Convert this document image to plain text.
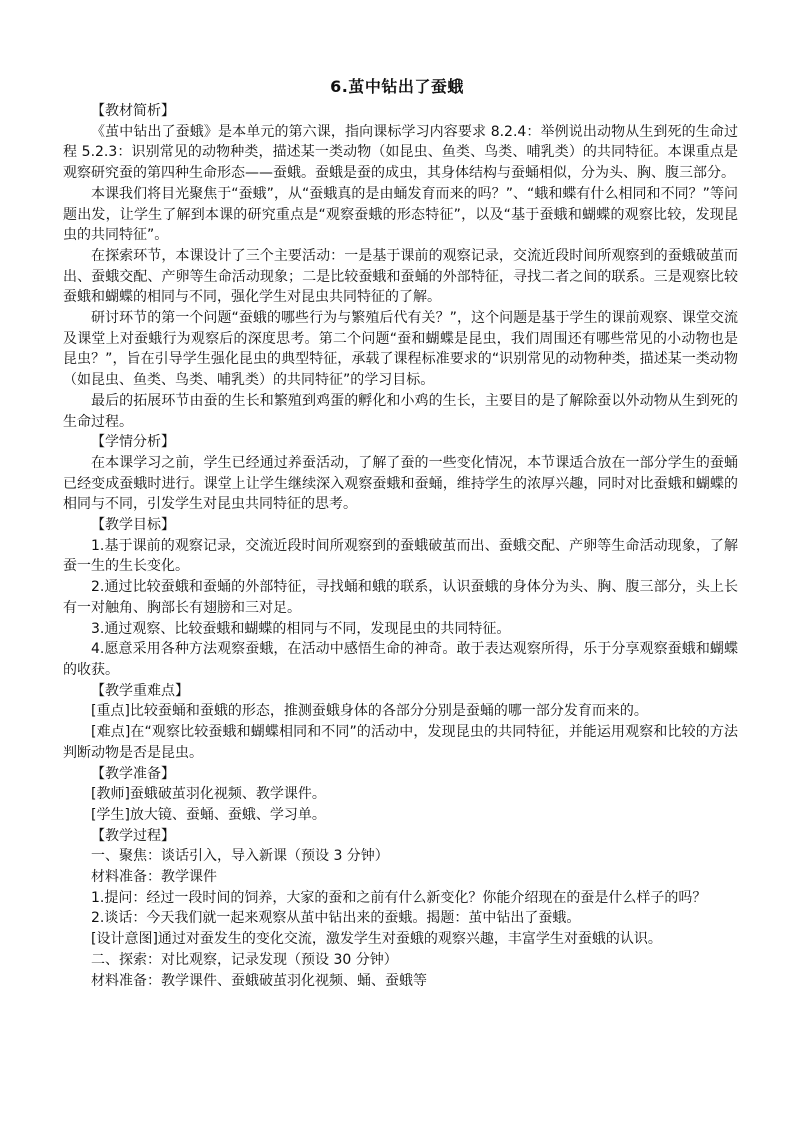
6.茧中钻出了蚕蛾

【教材简析】

《茧中钻出了蚕蛾》是本单元的第六课，指向课标学习内容要求 8.2.4：举例说出动物从生到死的生命过程 5.2.3：识别常见的动物种类，描述某一类动物（如昆虫、鱼类、鸟类、哺乳类）的共同特征。本课重点是观察研究蚕的第四种生命形态——蚕蛾。蚕蛾是蚕的成虫，其身体结构与蚕蛹相似，分为头、胸、腹三部分。

本课我们将目光聚焦于“蚕蛾”，从“蚕蛾真的是由蛹发育而来的吗？”、“蛾和蝶有什么相同和不同？”等问题出发，让学生了解到本课的研究重点是“观察蚕蛾的形态特征”，以及“基于蚕蛾和蝴蝶的观察比较，发现昆虫的共同特征”。

在探索环节，本课设计了三个主要活动：一是基于课前的观察记录，交流近段时间所观察到的蚕蛾破茧而出、蚕蛾交配、产卵等生命活动现象；二是比较蚕蛾和蚕蛹的外部特征，寻找二者之间的联系。三是观察比较蚕蛾和蝴蝶的相同与不同，强化学生对昆虫共同特征的了解。

研讨环节的第一个问题“蚕蛾的哪些行为与繁殖后代有关？”，这个问题是基于学生的课前观察、课堂交流及课堂上对蚕蛾行为观察后的深度思考。第二个问题“蚕和蝴蝶是昆虫，我们周围还有哪些常见的小动物也是昆虫？”，旨在引导学生强化昆虫的典型特征，承载了课程标准要求的“识别常见的动物种类，描述某一类动物（如昆虫、鱼类、鸟类、哺乳类）的共同特征”的学习目标。

最后的拓展环节由蚕的生长和繁殖到鸡蛋的孵化和小鸡的生长，主要目的是了解除蚕以外动物从生到死的生命过程。

【学情分析】

在本课学习之前，学生已经通过养蚕活动，了解了蚕的一些变化情况，本节课适合放在一部分学生的蚕蛹已经变成蚕蛾时进行。课堂上让学生继续深入观察蚕蛾和蚕蛹，维持学生的浓厚兴趣，同时对比蚕蛾和蝴蝶的相同与不同，引发学生对昆虫共同特征的思考。

【教学目标】

1.基于课前的观察记录，交流近段时间所观察到的蚕蛾破茧而出、蚕蛾交配、产卵等生命活动现象，了解蚕一生的生长变化。

2.通过比较蚕蛾和蚕蛹的外部特征，寻找蛹和蛾的联系，认识蚕蛾的身体分为头、胸、腹三部分，头上长有一对触角、胸部长有翅膀和三对足。

3.通过观察、比较蚕蛾和蝴蝶的相同与不同，发现昆虫的共同特征。

4.愿意采用各种方法观察蚕蛾，在活动中感悟生命的神奇。敢于表达观察所得，乐于分享观察蚕蛾和蝴蝶的收获。

【教学重难点】

[重点]比较蚕蛹和蚕蛾的形态，推测蚕蛾身体的各部分分别是蚕蛹的哪一部分发育而来的。

[难点]在“观察比较蚕蛾和蝴蝶相同和不同”的活动中，发现昆虫的共同特征，并能运用观察和比较的方法判断动物是否是昆虫。

【教学准备】

[教师]蚕蛾破茧羽化视频、教学课件。

[学生]放大镜、蚕蛹、蚕蛾、学习单。

【教学过程】

一、聚焦：谈话引入，导入新课（预设 3 分钟）

材料准备：教学课件

1.提问：经过一段时间的饲养，大家的蚕和之前有什么新变化？你能介绍现在的蚕是什么样子的吗？

2.谈话：今天我们就一起来观察从茧中钻出来的蚕蛾。揭题：茧中钻出了蚕蛾。

[设计意图]通过对蚕发生的变化交流，激发学生对蚕蛾的观察兴趣，丰富学生对蚕蛾的认识。

二、探索：对比观察，记录发现（预设 30 分钟）

材料准备：教学课件、蚕蛾破茧羽化视频、蛹、蚕蛾等
